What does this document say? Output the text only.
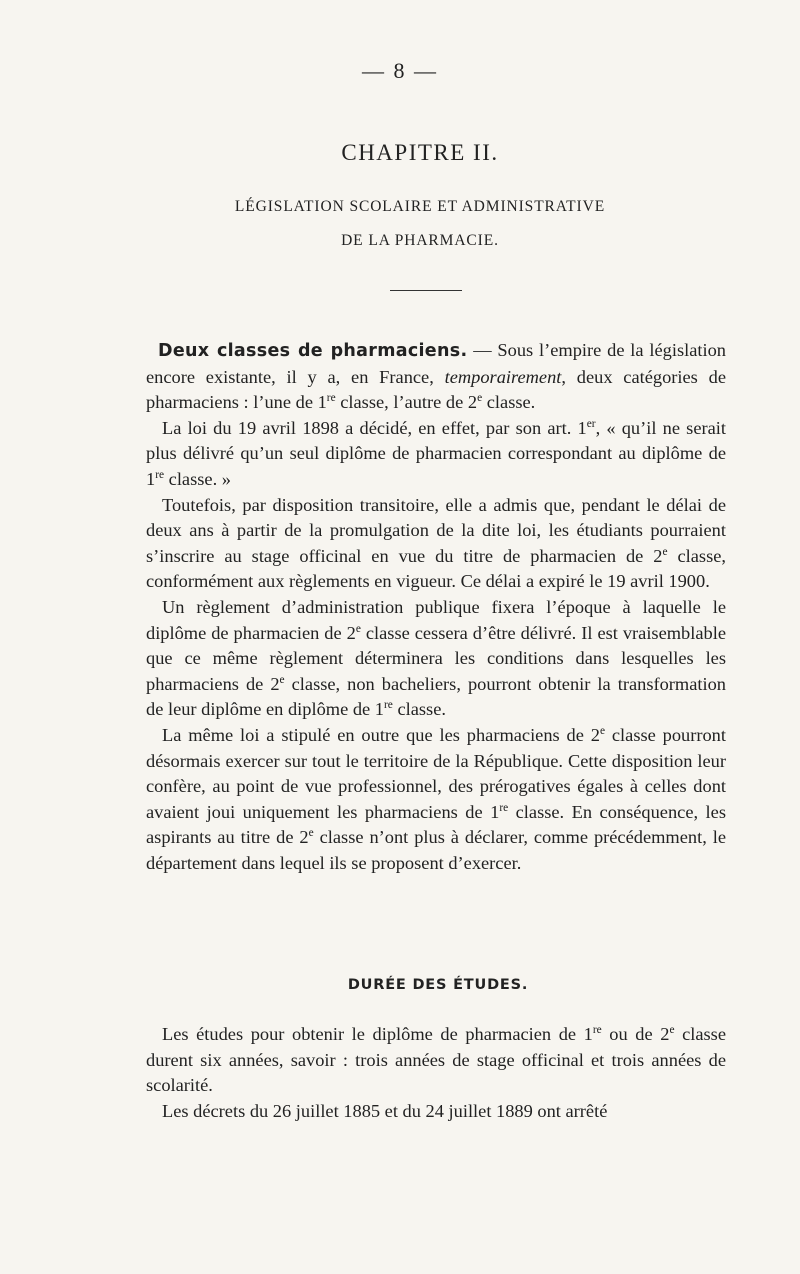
— 8 —
CHAPITRE II.
LÉGISLATION SCOLAIRE ET ADMINISTRATIVE
DE LA PHARMACIE.

Deux classes de pharmaciens. — Sous l’empire de la législation encore existante, il y a, en France, temporairement, deux catégories de pharmaciens : l’une de 1re classe, l’autre de 2e classe.

La loi du 19 avril 1898 a décidé, en effet, par son art. 1er, « qu’il ne serait plus délivré qu’un seul diplôme de pharmacien correspondant au diplôme de 1re classe. »

Toutefois, par disposition transitoire, elle a admis que, pendant le délai de deux ans à partir de la promulgation de la dite loi, les étudiants pourraient s’inscrire au stage officinal en vue du titre de pharmacien de 2e classe, conformément aux règlements en vigueur. Ce délai a expiré le 19 avril 1900.

Un règlement d’administration publique fixera l’époque à laquelle le diplôme de pharmacien de 2e classe cessera d’être délivré. Il est vraisemblable que ce même règlement déterminera les conditions dans lesquelles les pharmaciens de 2e classe, non bacheliers, pourront obtenir la transformation de leur diplôme en diplôme de 1re classe.

La même loi a stipulé en outre que les pharmaciens de 2e classe pourront désormais exercer sur tout le territoire de la République. Cette disposition leur confère, au point de vue professionnel, des prérogatives égales à celles dont avaient joui uniquement les pharmaciens de 1re classe. En conséquence, les aspirants au titre de 2e classe n’ont plus à déclarer, comme précédemment, le département dans lequel ils se proposent d’exercer.

DURÉE DES ÉTUDES.

Les études pour obtenir le diplôme de pharmacien de 1re ou de 2e classe durent six années, savoir : trois années de stage officinal et trois années de scolarité.

Les décrets du 26 juillet 1885 et du 24 juillet 1889 ont arrêté
